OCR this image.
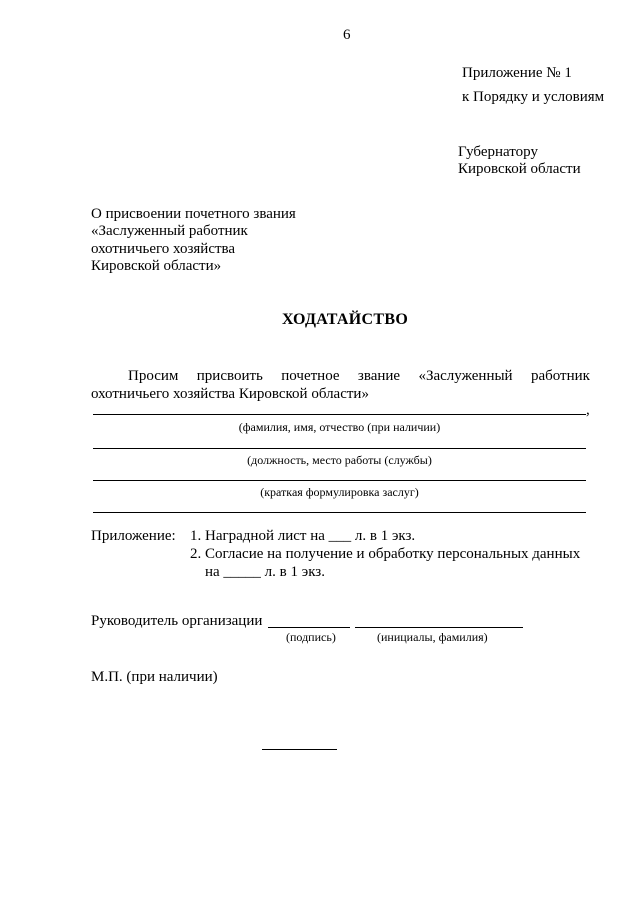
6
Приложение № 1
к Порядку и условиям
Губернатору
Кировской области
О присвоении почетного звания
«Заслуженный работник
охотничьего хозяйства
Кировской области»
ХОДАТАЙСТВО
Просим присвоить почетное звание «Заслуженный работник
охотничьего хозяйства Кировской области»
,
(фамилия, имя, отчество (при наличии)
(должность, место работы (службы)
(краткая формулировка заслуг)
Приложение: 1. Наградной лист на ___ л. в 1 экз.
2. Согласие на получение и обработку персональных данных
на _____ л. в 1 экз.
Руководитель организации
(подпись)	(инициалы, фамилия)
М.П. (при наличии)
